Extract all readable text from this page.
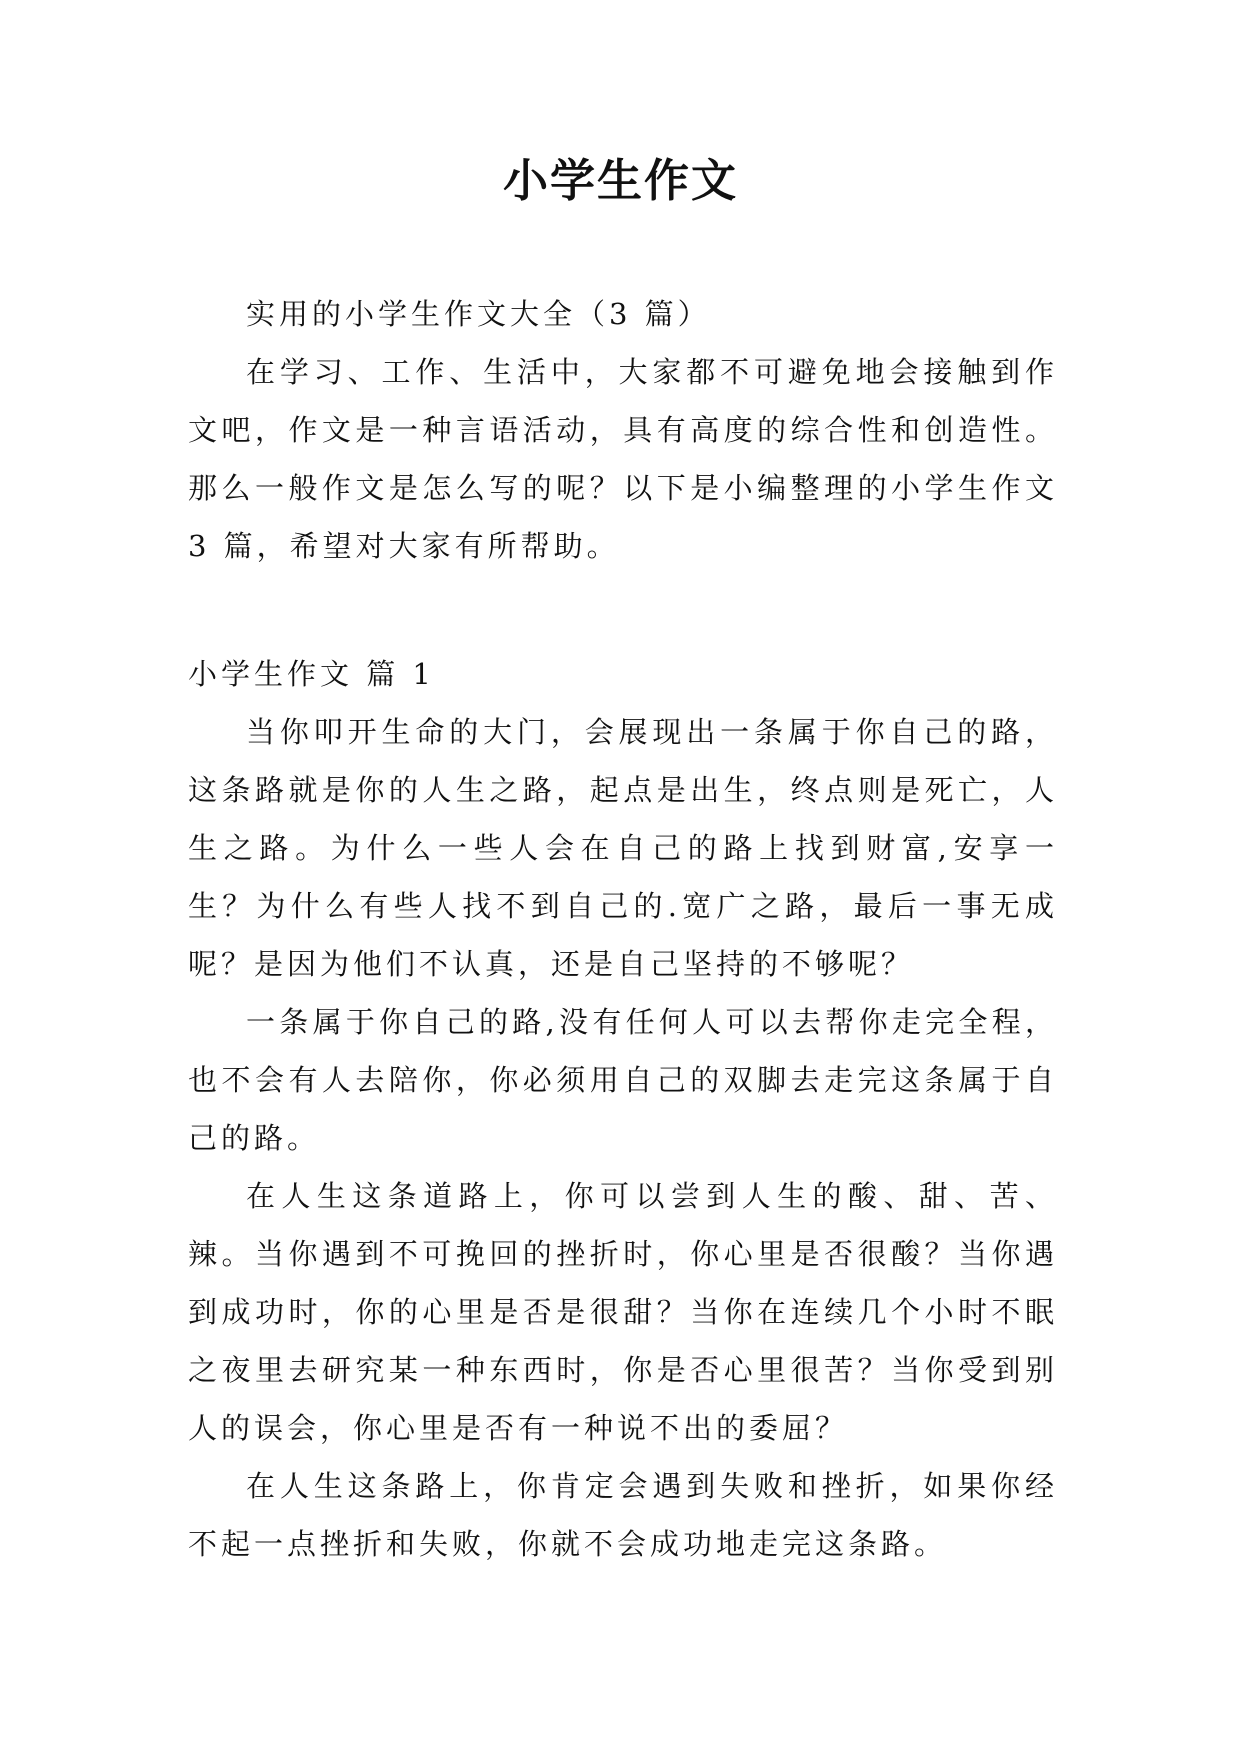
小学生作文

实用的小学生作文大全（3 篇）

在学习、工作、生活中，大家都不可避免地会接触到作文吧，作文是一种言语活动，具有高度的综合性和创造性。那么一般作文是怎么写的呢？以下是小编整理的小学生作文 3 篇，希望对大家有所帮助。

小学生作文 篇 1

当你叩开生命的大门，会展现出一条属于你自己的路，这条路就是你的人生之路，起点是出生，终点则是死亡，人生之路。为什么一些人会在自己的路上找到财富,安享一生？为什么有些人找不到自己的.宽广之路，最后一事无成呢？是因为他们不认真，还是自己坚持的不够呢？

一条属于你自己的路,没有任何人可以去帮你走完全程，也不会有人去陪你，你必须用自己的双脚去走完这条属于自己的路。

在人生这条道路上，你可以尝到人生的酸、甜、苦、辣。当你遇到不可挽回的挫折时，你心里是否很酸？当你遇到成功时，你的心里是否是很甜？当你在连续几个小时不眠之夜里去研究某一种东西时，你是否心里很苦？当你受到别人的误会，你心里是否有一种说不出的委屈？

在人生这条路上，你肯定会遇到失败和挫折，如果你经不起一点挫折和失败，你就不会成功地走完这条路。
